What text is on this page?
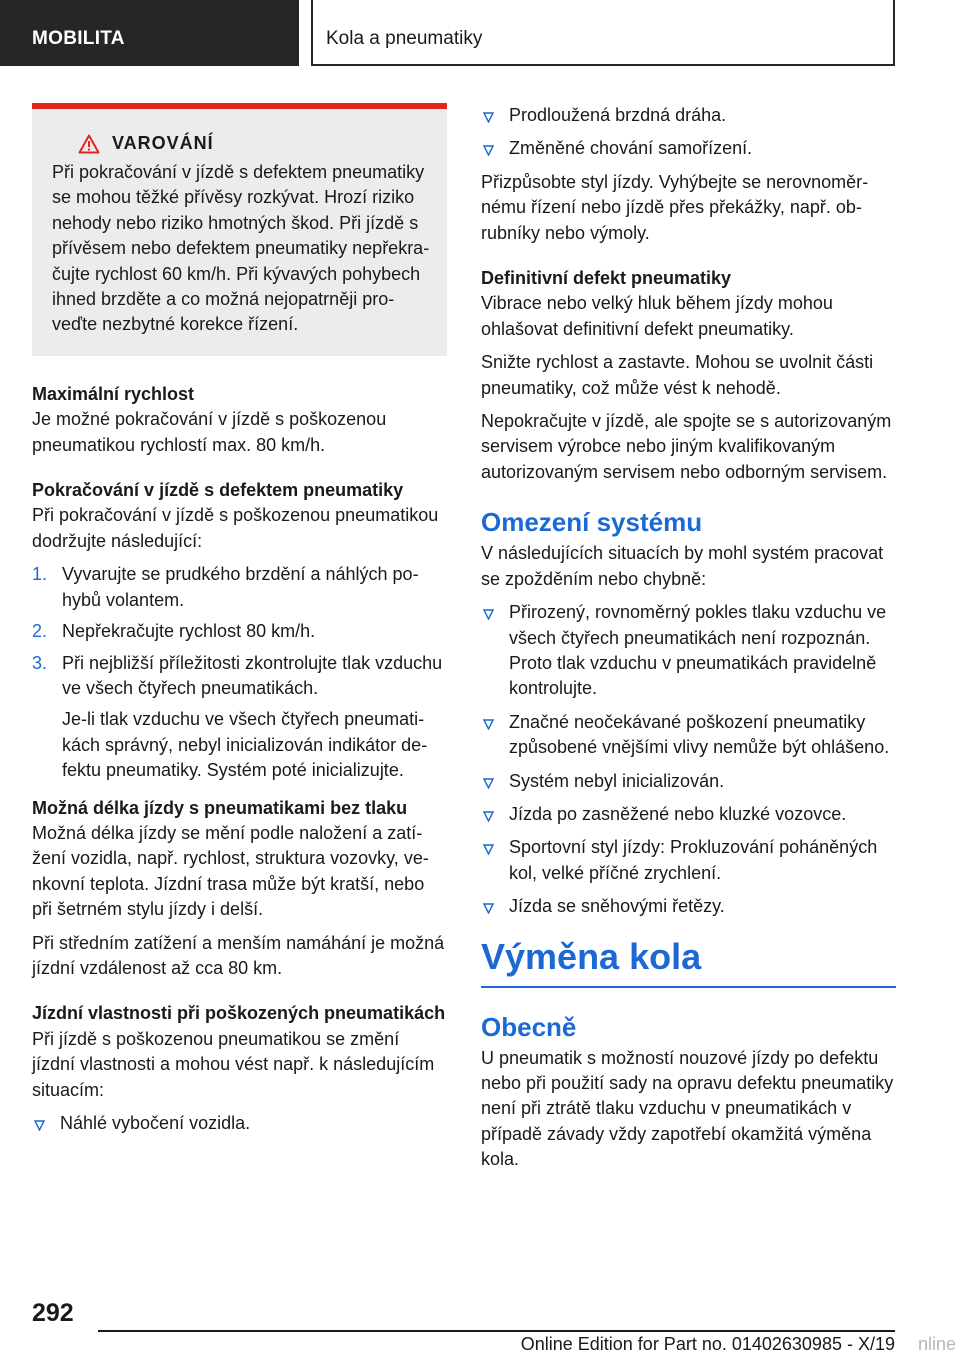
MOBILITA	Kola a pneumatiky
VAROVÁNÍ

Při pokračování v jízdě s defektem pneumatiky se mohou těžké přívěsy rozkývat. Hrozí riziko nehody nebo riziko hmotných škod. Při jízdě s přívěsem nebo defektem pneumatiky nepřekračujte rychlost 60 km/h. Při kývavých pohybech ihned brzděte a co možná nejopatrněji proveďte nezbytné korekce řízení.

Maximální rychlost

Je možné pokračování v jízdě s poškozenou pneumatikou rychlostí max. 80 km/h.

Pokračování v jízdě s defektem pneumatiky

Při pokračování v jízdě s poškozenou pneumatikou dodržujte následující:

1. Vyvarujte se prudkého brzdění a náhlých pohybů volantem.
2. Nepřekračujte rychlost 80 km/h.
3. Při nejbližší příležitosti zkontrolujte tlak vzduchu ve všech čtyřech pneumatikách.
Je-li tlak vzduchu ve všech čtyřech pneumatikách správný, nebyl inicializován indikátor defektu pneumatiky. Systém poté inicializujte.
Možná délka jízdy s pneumatikami bez tlaku

Možná délka jízdy se mění podle naložení a zatížení vozidla, např. rychlost, struktura vozovky, venkovní teplota. Jízdní trasa může být kratší, nebo při šetrném stylu jízdy i delší.

Při středním zatížení a menším namáhání je možná jízdní vzdálenost až cca 80 km.

Jízdní vlastnosti při poškozených pneumatikách

Při jízdě s poškozenou pneumatikou se změní jízdní vlastnosti a mohou vést např. k následujícím situacím:

Náhlé vybočení vozidla.
Prodloužená brzdná dráha.
Změněné chování samořízení.

Přizpůsobte styl jízdy. Vyhýbejte se nerovnoměrnému řízení nebo jízdě přes překážky, např. obrubníky nebo výmoly.

Definitivní defekt pneumatiky

Vibrace nebo velký hluk během jízdy mohou ohlašovat definitivní defekt pneumatiky.

Snižte rychlost a zastavte. Mohou se uvolnit části pneumatiky, což může vést k nehodě.

Nepokračujte v jízdě, ale spojte se s autorizovaným servisem výrobce nebo jiným kvalifikovaným autorizovaným servisem nebo odborným servisem.

Omezení systému

V následujících situacích by mohl systém pracovat se zpožděním nebo chybně:

Přirozený, rovnoměrný pokles tlaku vzduchu ve všech čtyřech pneumatikách není rozpoznán. Proto tlak vzduchu v pneumatikách pravidelně kontrolujte.
Značné neočekávané poškození pneumatiky způsobené vnějšími vlivy nemůže být ohlášeno.
Systém nebyl inicializován.
Jízda po zasněžené nebo kluzké vozovce.
Sportovní styl jízdy: Prokluzování poháněných kol, velké příčné zrychlení.
Jízda se sněhovými řetězy.
Výměna kola
Obecně

U pneumatik s možností nouzové jízdy po defektu nebo při použití sady na opravu defektu pneumatiky není při ztrátě tlaku vzduchu v pneumatikách v případě závady vždy zapotřebí okamžitá výměna kola.

292
Online Edition for Part no. 01402630985 - X/19 nline
